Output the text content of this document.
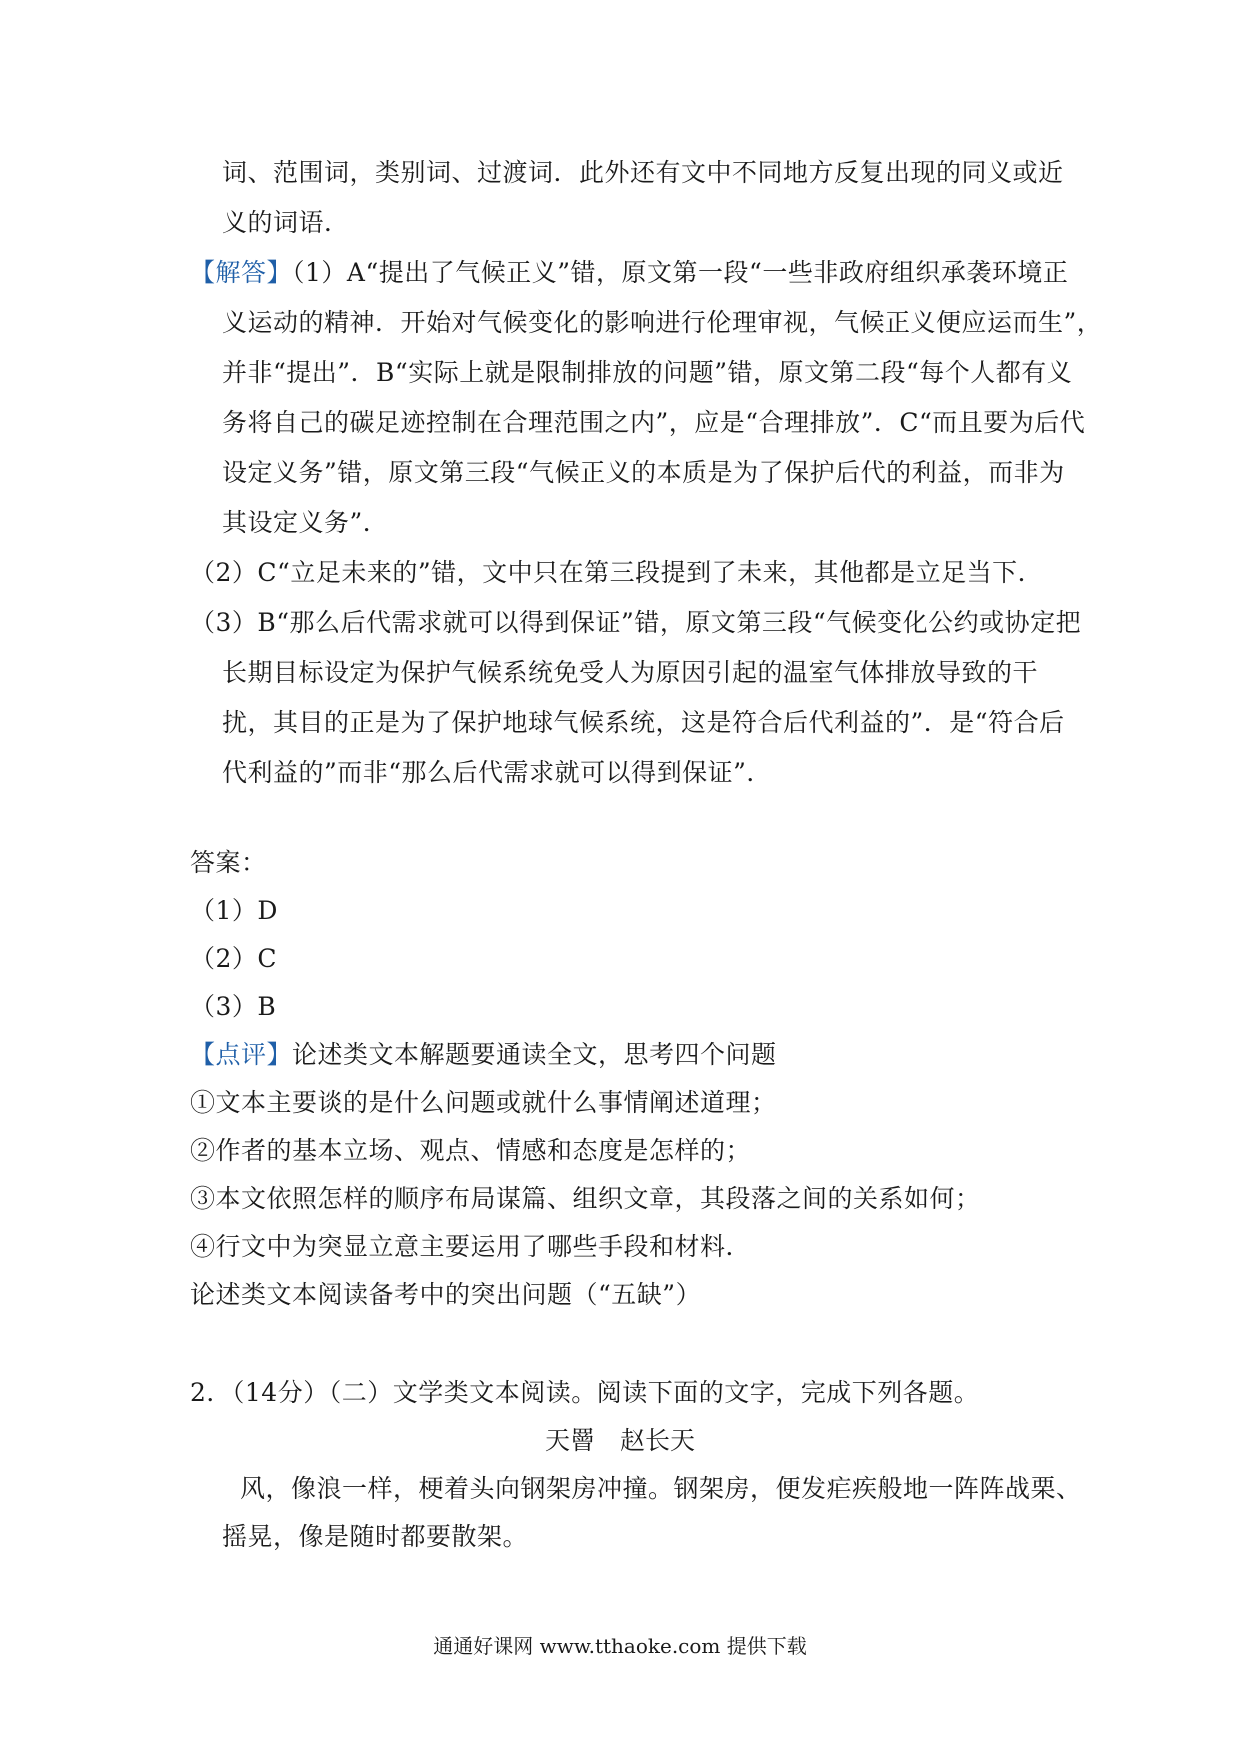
词、范围词，类别词、过渡词．此外还有文中不同地方反复出现的同义或近
义的词语．
【解答】（1）A“提出了气候正义”错，原文第一段“一些非政府组织承袭环境正
义运动的精神．开始对气候变化的影响进行伦理审视，气候正义便应运而生”，
并非“提出”．B“实际上就是限制排放的问题”错，原文第二段“每个人都有义
务将自己的碳足迹控制在合理范围之内”，应是“合理排放”．C“而且要为后代
设定义务”错，原文第三段“气候正义的本质是为了保护后代的利益，而非为
其设定义务”．
（2）C“立足未来的”错，文中只在第三段提到了未来，其他都是立足当下．
（3）B“那么后代需求就可以得到保证”错，原文第三段“气候变化公约或协定把
长期目标设定为保护气候系统免受人为原因引起的温室气体排放导致的干
扰，其目的正是为了保护地球气候系统，这是符合后代利益的”．是“符合后
代利益的”而非“那么后代需求就可以得到保证”．
答案：
（1）D
（2）C
（3）B
【点评】论述类文本解题要通读全文，思考四个问题
①文本主要谈的是什么问题或就什么事情阐述道理；
②作者的基本立场、观点、情感和态度是怎样的；
③本文依照怎样的顺序布局谋篇、组织文章，其段落之间的关系如何；
④行文中为突显立意主要运用了哪些手段和材料．
论述类文本阅读备考中的突出问题（“五缺”）
2．（14分）（二）文学类文本阅读。阅读下面的文字，完成下列各题。
天罾　赵长天
风，像浪一样，梗着头向钢架房冲撞。钢架房，便发疟疾般地一阵阵战栗、
摇晃，像是随时都要散架。
通通好课网 www.tthaoke.com 提供下载
